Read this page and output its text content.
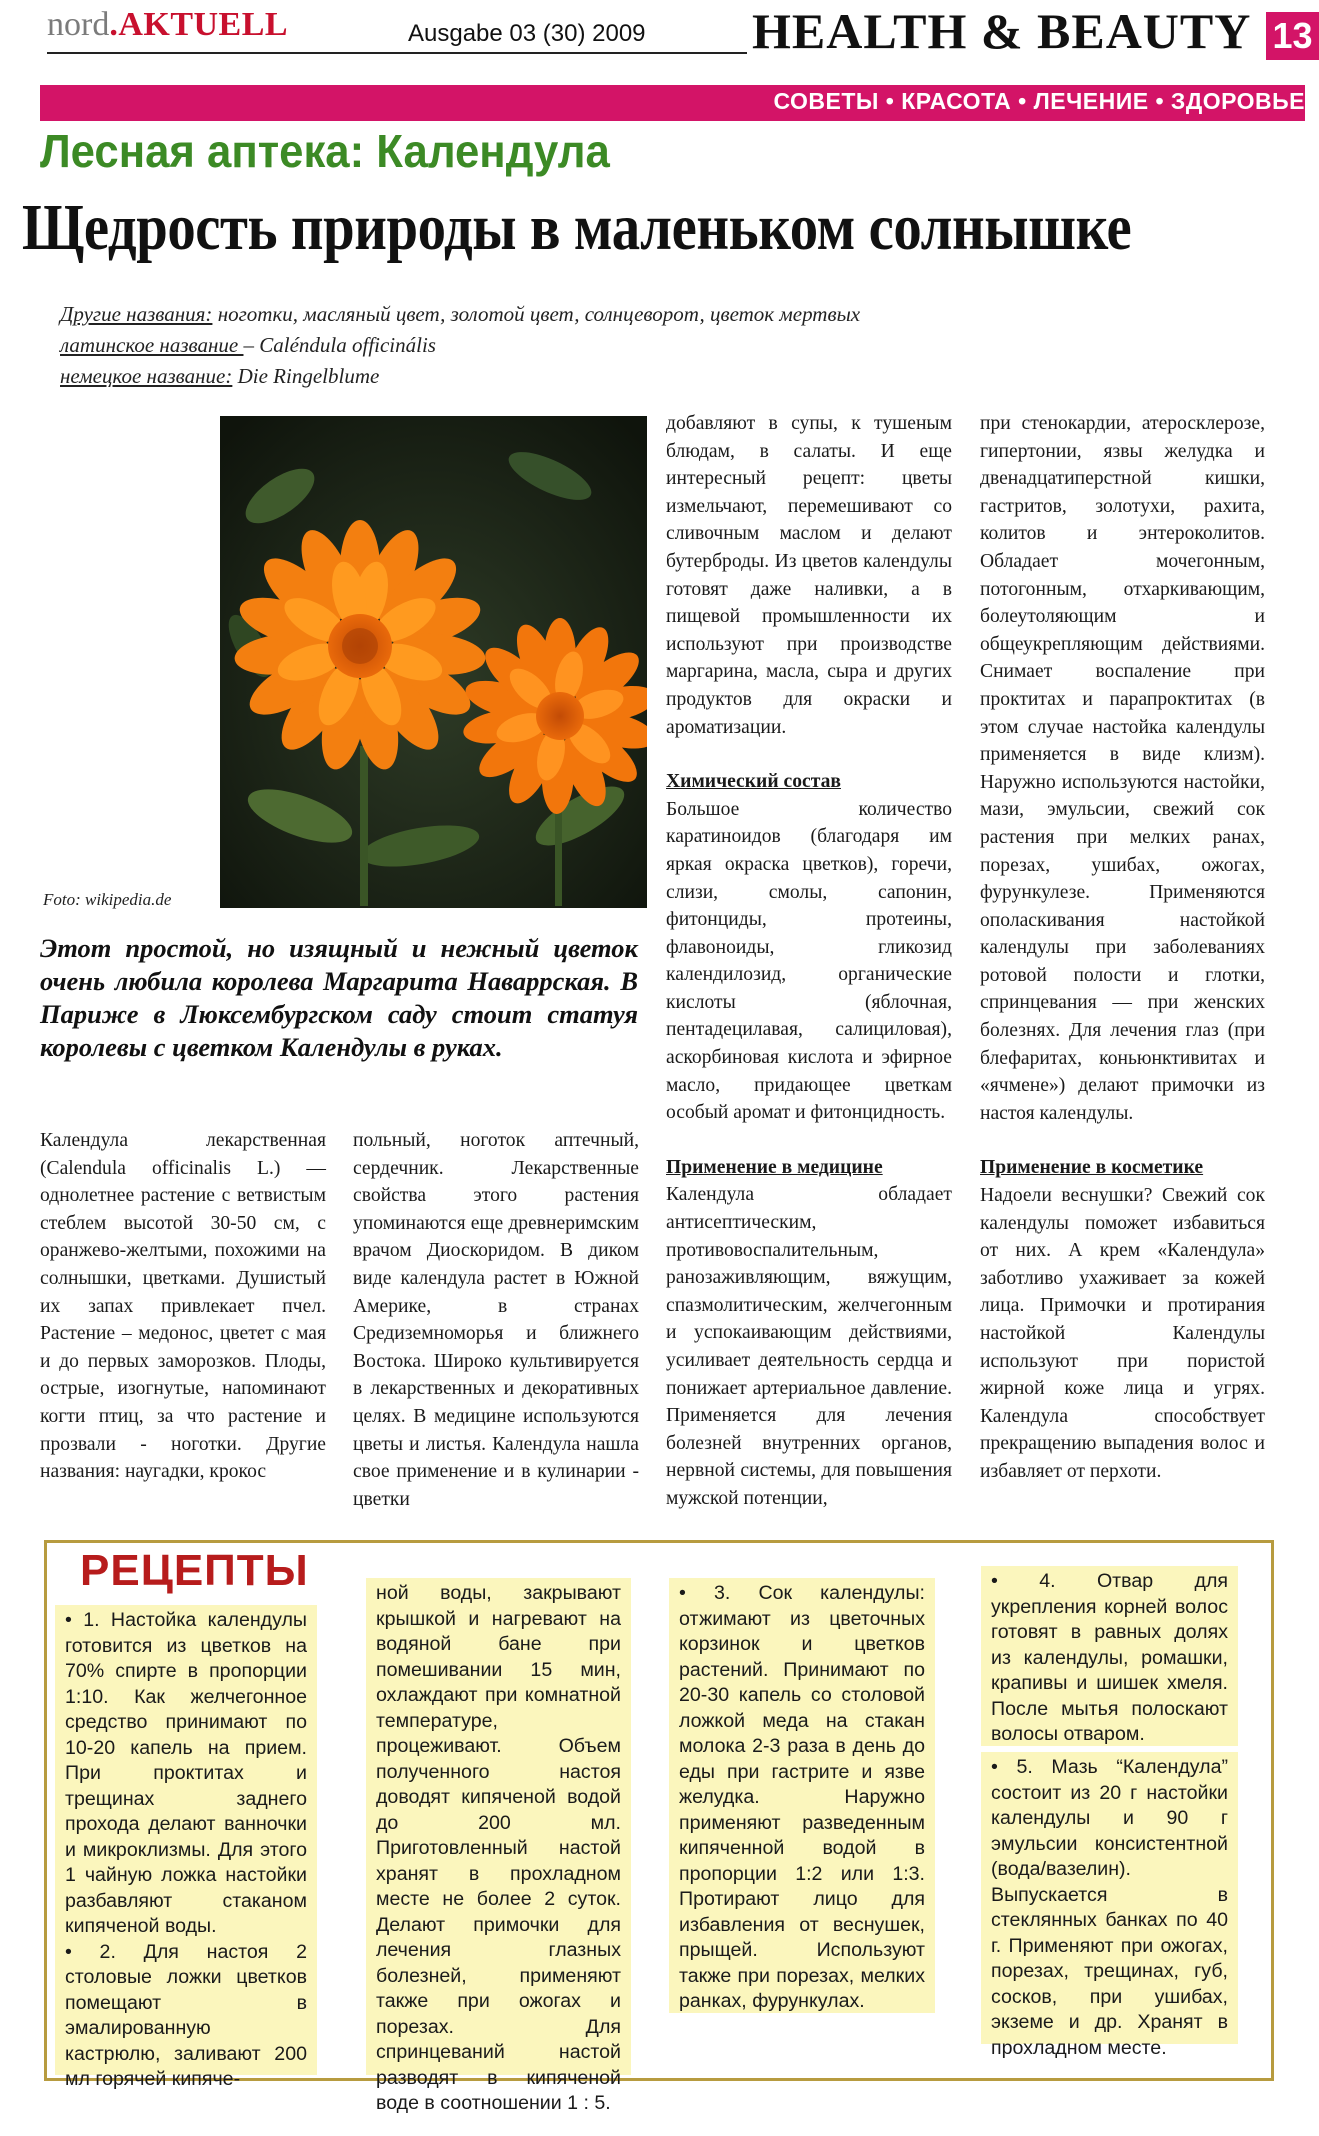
nord.AKTUELL	Ausgabe 03 (30) 2009 HEALTH & BEAUTY 13
СОВЕТЫ • КРАСОТА • ЛЕЧЕНИЕ • ЗДОРОВЬЕ
Лесная аптека: Календула
Щедрость природы в маленьком солнышке
Другие названия: ноготки, масляный цвет, золотой цвет, солнцеворот, цветок мертвых
латинское название – Caléndula officinális
немецкое название: Die Ringelblume
Foto: wikipedia.de
Этот простой, но изящный и нежный цветок очень любила королева Маргарита Наваррская. В Париже в Люксембургском саду стоит статуя королевы с цветком Календулы в руках.

Календула лекарственная (Calendula officinalis L.) — однолетнее растение с ветвистым стеблем высотой 30-50 см, с оранжево-желтыми, похожими на солнышки, цветками. Душистый их запах привлекает пчел. Растение – медонос, цветет с мая и до первых заморозков. Плоды, острые, изогнутые, напоминают когти птиц, за что растение и прозвали - ноготки. Другие названия: наугадки, крокос

польный, ноготок аптечный, сердечник. Лекарственные свойства этого растения упоминаются еще древнеримским врачом Диоскоридом. В диком виде календула растет в Южной Америке, в странах Средиземноморья и ближнего Востока. Широко культивируется в лекарственных и декоративных целях. В медицине используются цветы и листья. Календула нашла свое применение и в кулинарии - цветки

добавляют в супы, к тушеным блюдам, в салаты. И еще интересный рецепт: цветы измельчают, перемешивают со сливочным маслом и делают бутерброды. Из цветов календулы готовят даже наливки, а в пищевой промышленности их используют при производстве маргарина, масла, сыра и других продуктов для окраски и ароматизации.

Химический состав

Большое количество каратиноидов (благодаря им яркая окраска цветков), горечи, слизи, смолы, сапонин, фитонциды, протеины, флавоноиды, гликозид календилозид, органические кислоты (яблочная, пентадецилавая, салициловая), аскорбиновая кислота и эфирное масло, придающее цветкам особый аромат и фитонцидность.

Применение в медицине

Календула обладает антисептическим, противовоспалительным, ранозаживляющим, вяжущим, спазмолитическим, желчегонным и успокаивающим действиями, усиливает деятельность сердца и понижает артериальное давление. Применяется для лечения болезней внутренних органов, нервной системы, для повышения мужской потенции,

при стенокардии, атеросклерозе, гипертонии, язвы желудка и двенадцатиперстной кишки, гастритов, золотухи, рахита, колитов и энтероколитов. Обладает мочегонным, потогонным, отхаркивающим, болеутоляющим и общеукрепляющим действиями. Снимает воспаление при проктитах и парапроктитах (в этом случае настойка календулы применяется в виде клизм). Наружно используются настойки, мази, эмульсии, свежий сок растения при мелких ранах, порезах, ушибах, ожогах, фурункулезе. Применяются ополаскивания настойкой календулы при заболеваниях ротовой полости и глотки, спринцевания — при женских болезнях. Для лечения глаз (при блефаритах, коньюнктивитах и «ячмене») делают примочки из настоя календулы.

Применение в косметике

Надоели веснушки? Свежий сок календулы поможет избавиться от них. А крем «Календула» заботливо ухаживает за кожей лица. Примочки и протирания настойкой Календулы используют при пористой жирной коже лица и угрях. Календула способствует прекращению выпадения волос и избавляет от перхоти.

РЕЦЕПТЫ

• 1. Настойка календулы готовится из цветков на 70% спирте в пропорции 1:10. Как желчегонное средство принимают по 10-20 капель на прием. При проктитах и трещинах заднего прохода делают ванночки и микроклизмы. Для этого 1 чайную ложка настойки разбавляют стаканом кипяченой воды.

• 2. Для настоя 2 столовые ложки цветков помещают в эмалированную кастрюлю, заливают 200 мл горячей кипяче-

ной воды, закрывают крышкой и нагревают на водяной бане при помешивании 15 мин, охлаждают при комнатной температуре, процеживают. Объем полученного настоя доводят кипяченой водой до 200 мл. Приготовленный настой хранят в прохладном месте не более 2 суток. Делают примочки для лечения глазных болезней, применяют также при ожогах и порезах. Для спринцеваний настой разводят в кипяченой воде в соотношении 1 : 5.

• 3. Сок календулы: отжимают из цветочных корзинок и цветков растений. Принимают по 20-30 капель со столовой ложкой меда на стакан молока 2-3 раза в день до еды при гастрите и язве желудка. Наружно применяют разведенным кипяченной водой в пропорции 1:2 или 1:3. Протирают лицо для избавления от веснушек, прыщей. Используют также при порезах, мелких ранках, фурункулах.

• 4. Отвар для укрепления корней волос готовят в равных долях из календулы, ромашки, крапивы и шишек хмеля. После мытья полоскают волосы отваром.

• 5. Мазь “Календула” состоит из 20 г настойки календулы и 90 г эмульсии консистентной (вода/вазелин). Выпускается в стеклянных банках по 40 г. Применяют при ожогах, порезах, трещинах, губ, сосков, при ушибах, экземе и др. Хранят в прохладном месте.
